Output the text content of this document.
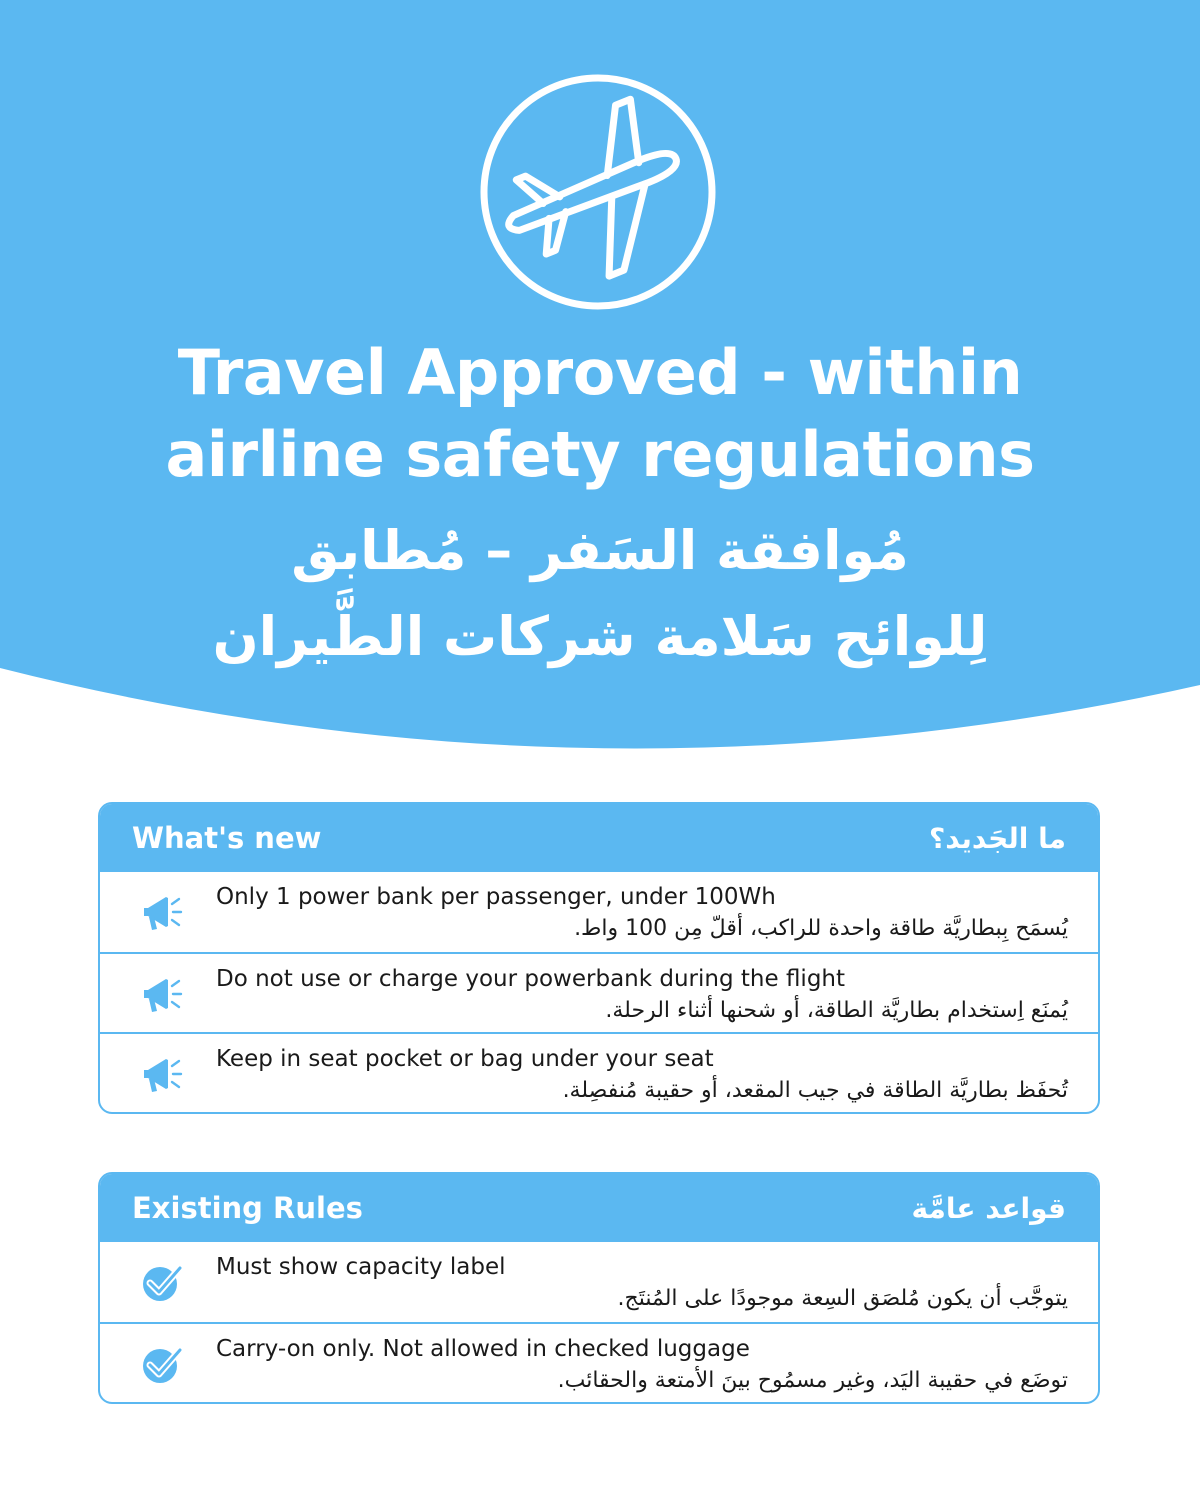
Travel Approved - within
airline safety regulations
مُوافقة السَفر – مُطابق
لِلوائح سَلامة شركات الطَّيران
What's new	ما الجَديد؟
Only 1 power bank per passenger, under 100Wh
يُسمَح بِبطاريَّة طاقة واحدة للراكب، أقلّ مِن 100 واط.
Do not use or charge your powerbank during the flight
يُمنَع اِستخدام بطاريَّة الطاقة، أو شحنها أثناء الرحلة.
Keep in seat pocket or bag under your seat
تُحفَظ بطاريَّة الطاقة في جيب المقعد، أو حقيبة مُنفصِلة.
Existing Rules	قواعد عامَّة
Must show capacity label
يتوجَّب أن يكون مُلصَق السِعة موجودًا على المُنتَج.
Carry-on only. Not allowed in checked luggage
توضَع في حقيبة اليَد، وغير مسمُوح بينَ الأمتعة والحقائب.
